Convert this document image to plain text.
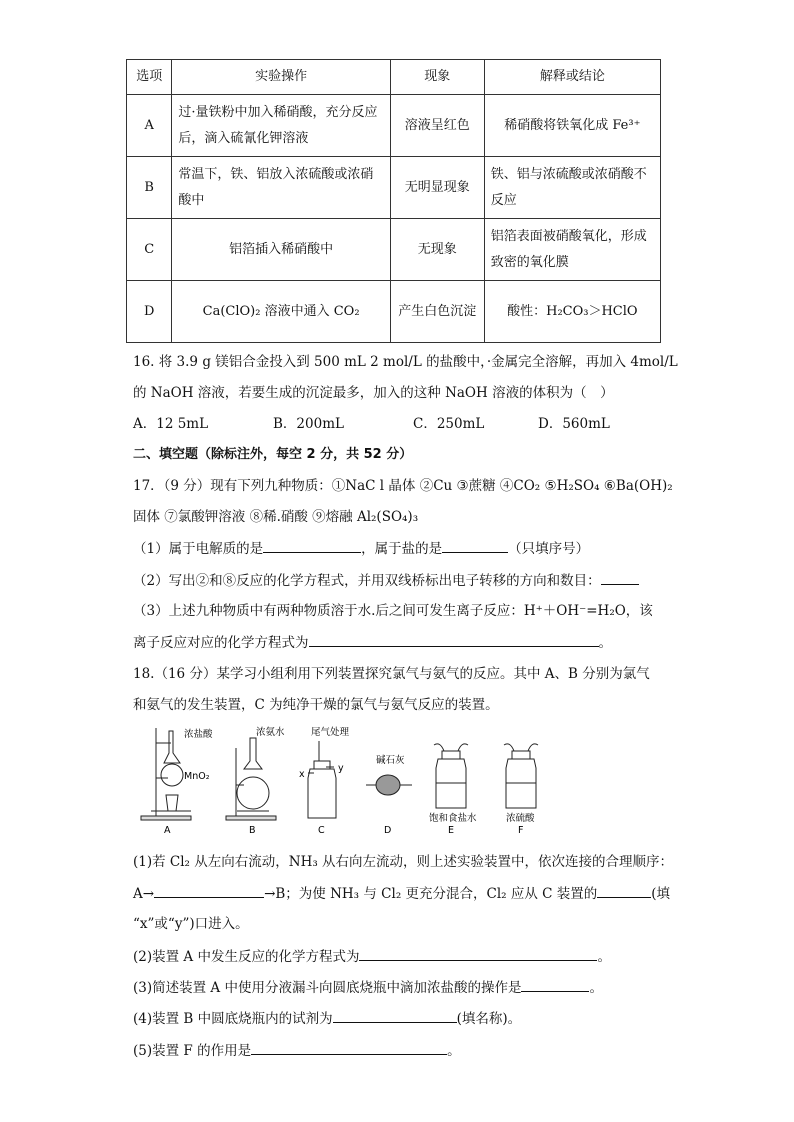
选项	实验操作	现象	解释或结论
A	过·量铁粉中加入稀硝酸，充分反应后，滴入硫氰化钾溶液	溶液呈红色	稀硝酸将铁氧化成 Fe³⁺
B	常温下，铁、铝放入浓硫酸或浓硝酸中	无明显现象	铁、铝与浓硫酸或浓硝酸不反应
C	铝箔插入稀硝酸中	无现象	铝箔表面被硝酸氧化，形成致密的氧化膜
D	Ca(ClO)₂ 溶液中通入 CO₂	产生白色沉淀	酸性：H₂CO₃＞HClO
16. 将 3.9 g 镁铝合金投入到 500 mL 2 mol/L 的盐酸中，·金属完全溶解，再加入 4mol/L
的 NaOH 溶液，若要生成的沉淀最多，加入的这种 NaOH 溶液的体积为（　）
A．12 5mL	B．200mL	C．250mL	D．560mL
二、填空题（除标注外，每空 2 分，共 52 分）
17．（9 分）现有下列九种物质：①NaC l 晶体 ②Cu ③蔗糖 ④CO₂ ⑤H₂SO₄ ⑥Ba(OH)₂
固体 ⑦氯酸钾溶液 ⑧稀.硝酸 ⑨熔融 Al₂(SO₄)₃
（1）属于电解质的是	，属于盐的是	（只填序号）
（2）写出②和⑧反应的化学方程式，并用双线桥标出电子转移的方向和数目：
（3）上述九种物质中有两种物质溶于水.后之间可发生离子反应：H⁺＋OH⁻=H₂O，该
离子反应对应的化学方程式为	。
18.（16 分）某学习小组利用下列装置探究氯气与氨气的反应。其中 A、B 分别为氯气
和氨气的发生装置，C 为纯净干燥的氯气与氨气反应的装置。
浓盐酸
MnO₂
浓氨水	尾气处理
x
y
碱石灰
饱和食盐水	浓硫酸
A	B	C	D	E	F
(1)若 Cl₂ 从左向右流动，NH₃ 从右向左流动，则上述实验装置中，依次连接的合理顺序：
A→	→B；为使 NH₃ 与 Cl₂ 更充分混合，Cl₂ 应从 C 装置的	(填
“x”或“y”)口进入。
(2)装置 A 中发生反应的化学方程式为	。
(3)简述装置 A 中使用分液漏斗向圆底烧瓶中滴加浓盐酸的操作是	。
(4)装置 B 中圆底烧瓶内的试剂为	(填名称)。
(5)装置 F 的作用是	。
